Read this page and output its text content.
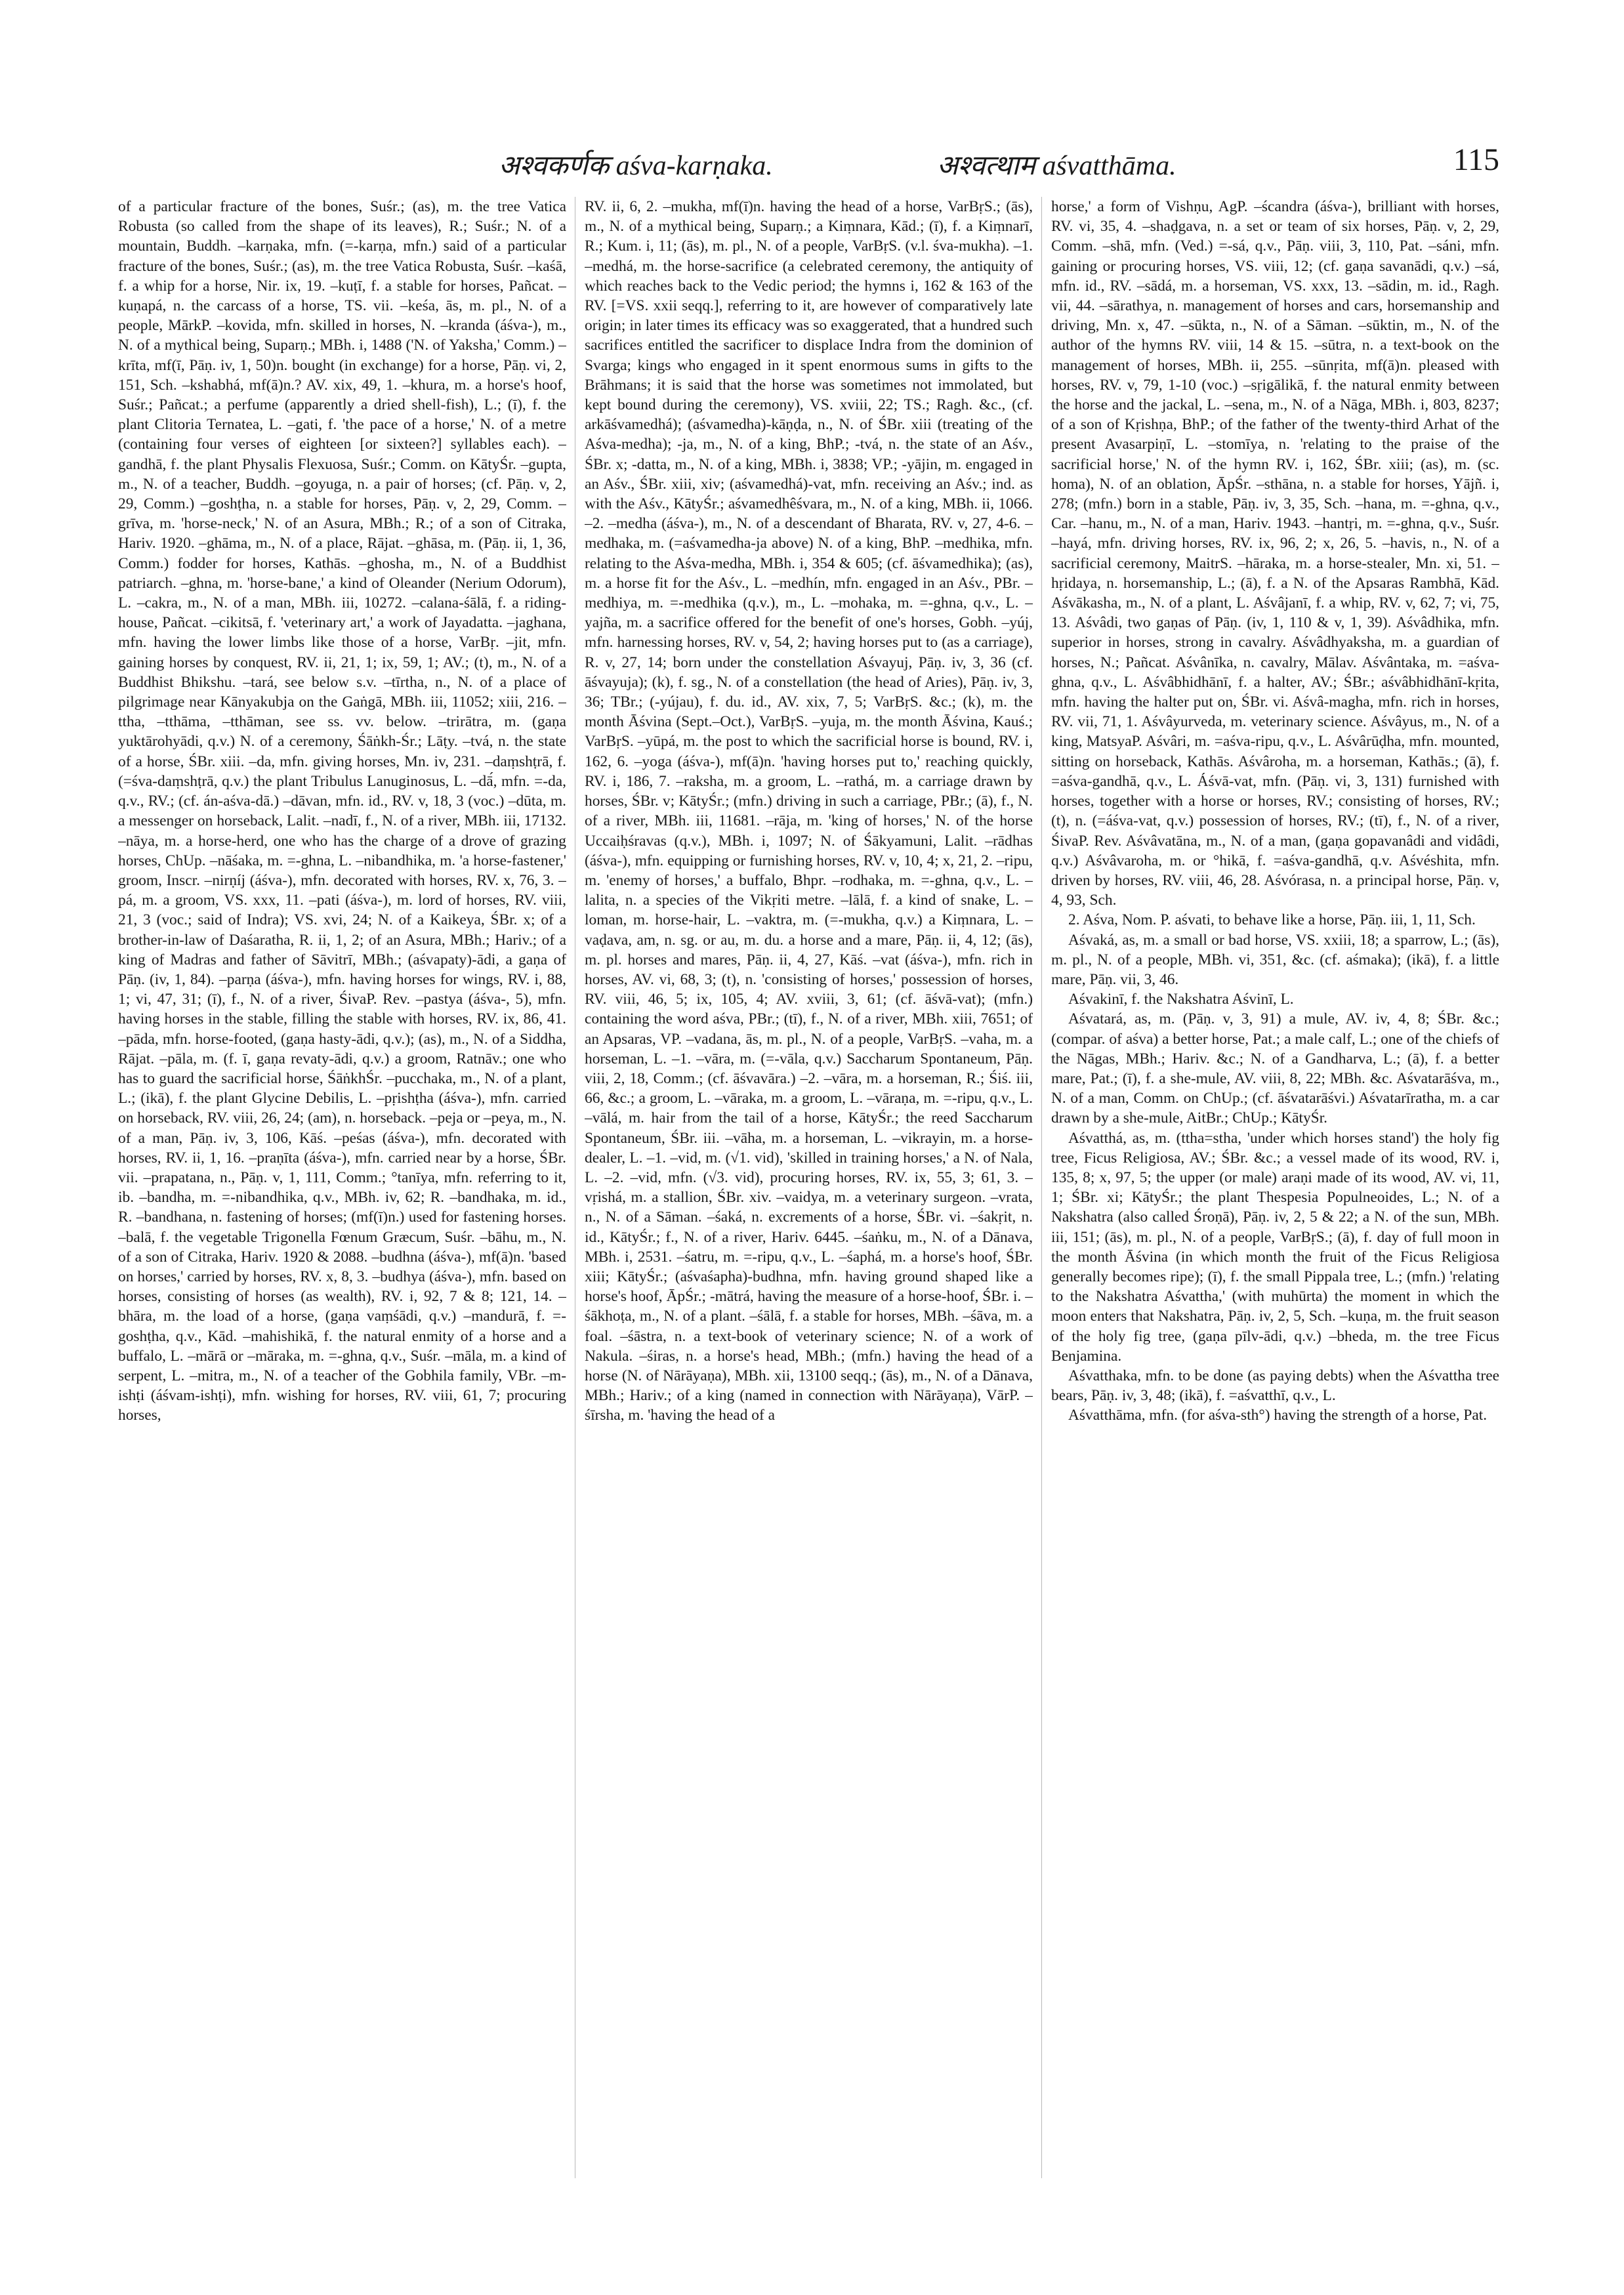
अश्वकर्णक aśva-karṇaka.	अश्वत्थाम aśvatthāma.	115

of a particular fracture of the bones, Suśr.; (as), m. the tree Vatica Robusta (so called from the shape of its leaves), R.; Suśr.; N. of a mountain, Buddh. –karṇaka, mfn. (=-karṇa, mfn.) said of a particular fracture of the bones, Suśr.; (as), m. the tree Vatica Robusta, Suśr. –kaśā, f. a whip for a horse, Nir. ix, 19. –kuṭī, f. a stable for horses, Pañcat. –kuṇapá, n. the carcass of a horse, TS. vii. –keśa, ās, m. pl., N. of a people, MārkP. –kovida, mfn. skilled in horses, N. –kranda (áśva-), m., N. of a mythical being, Suparṇ.; MBh. i, 1488 ('N. of Yaksha,' Comm.) –krīta, mf(ī, Pāṇ. iv, 1, 50)n. bought (in exchange) for a horse, Pāṇ. vi, 2, 151, Sch. –kshabhá, mf(ā)n.? AV. xix, 49, 1. –khura, m. a horse's hoof, Suśr.; Pañcat.; a perfume (apparently a dried shell-fish), L.; (ī), f. the plant Clitoria Ternatea, L. –gati, f. 'the pace of a horse,' N. of a metre (containing four verses of eighteen [or sixteen?] syllables each). –gandhā, f. the plant Physalis Flexuosa, Suśr.; Comm. on KātyŚr. –gupta, m., N. of a teacher, Buddh. –goyuga, n. a pair of horses; (cf. Pāṇ. v, 2, 29, Comm.) –goshṭha, n. a stable for horses, Pāṇ. v, 2, 29, Comm. –grīva, m. 'horse-neck,' N. of an Asura, MBh.; R.; of a son of Citraka, Hariv. 1920. –ghāma, m., N. of a place, Rājat. –ghāsa, m. (Pāṇ. ii, 1, 36, Comm.) fodder for horses, Kathās. –ghosha, m., N. of a Buddhist patriarch. –ghna, m. 'horse-bane,' a kind of Oleander (Nerium Odorum), L. –cakra, m., N. of a man, MBh. iii, 10272. –calana-śālā, f. a riding-house, Pañcat. –cikitsā, f. 'veterinary art,' a work of Jayadatta. –jaghana, mfn. having the lower limbs like those of a horse, VarBṛ. –jit, mfn. gaining horses by conquest, RV. ii, 21, 1; ix, 59, 1; AV.; (t), m., N. of a Buddhist Bhikshu. –tará, see below s.v. –tīrtha, n., N. of a place of pilgrimage near Kānyakubja on the Gaṅgā, MBh. iii, 11052; xiii, 216. –ttha, –tthāma, –tthāman, see ss. vv. below. –trirātra, m. (gaṇa yuktārohyādi, q.v.) N. of a ceremony, Śāṅkh-Śr.; Lāṭy. –tvá, n. the state of a horse, ŚBr. xiii. –da, mfn. giving horses, Mn. iv, 231. –daṃshṭrā, f. (=śva-daṃshṭrā, q.v.) the plant Tribulus Lanuginosus, L. –dā́, mfn. =-da, q.v., RV.; (cf. án-aśva-dā.) –dāvan, mfn. id., RV. v, 18, 3 (voc.) –dūta, m. a messenger on horseback, Lalit. –nadī, f., N. of a river, MBh. iii, 17132. –nāya, m. a horse-herd, one who has the charge of a drove of grazing horses, ChUp. –nāśaka, m. =-ghna, L. –nibandhika, m. 'a horse-fastener,' groom, Inscr. –nirṇíj (áśva-), mfn. decorated with horses, RV. x, 76, 3. –pá, m. a groom, VS. xxx, 11. –pati (áśva-), m. lord of horses, RV. viii, 21, 3 (voc.; said of Indra); VS. xvi, 24; N. of a Kaikeya, ŚBr. x; of a brother-in-law of Daśaratha, R. ii, 1, 2; of an Asura, MBh.; Hariv.; of a king of Madras and father of Sāvitrī, MBh.; (aśvapaty)-ādi, a gaṇa of Pāṇ. (iv, 1, 84). –parṇa (áśva-), mfn. having horses for wings, RV. i, 88, 1; vi, 47, 31; (ī), f., N. of a river, ŚivaP. Rev. –pastya (áśva-, 5), mfn. having horses in the stable, filling the stable with horses, RV. ix, 86, 41. –pāda, mfn. horse-footed, (gaṇa hasty-ādi, q.v.); (as), m., N. of a Siddha, Rājat. –pāla, m. (f. ī, gaṇa revaty-ādi, q.v.) a groom, Ratnāv.; one who has to guard the sacrificial horse, ŚāṅkhŚr. –pucchaka, m., N. of a plant, L.; (ikā), f. the plant Glycine Debilis, L. –pṛishṭha (áśva-), mfn. carried on horseback, RV. viii, 26, 24; (am), n. horseback. –peja or –peya, m., N. of a man, Pāṇ. iv, 3, 106, Kāś. –peśas (áśva-), mfn. decorated with horses, RV. ii, 1, 16. –praṇīta (áśva-), mfn. carried near by a horse, ŚBr. vii. –prapatana, n., Pāṇ. v, 1, 111, Comm.; °tanīya, mfn. referring to it, ib. –bandha, m. =-nibandhika, q.v., MBh. iv, 62; R. –bandhaka, m. id., R. –bandhana, n. fastening of horses; (mf(ī)n.) used for fastening horses. –balā, f. the vegetable Trigonella Fœnum Græcum, Suśr. –bāhu, m., N. of a son of Citraka, Hariv. 1920 & 2088. –budhna (áśva-), mf(ā)n. 'based on horses,' carried by horses, RV. x, 8, 3. –budhya (áśva-), mfn. based on horses, consisting of horses (as wealth), RV. i, 92, 7 & 8; 121, 14. –bhāra, m. the load of a horse, (gaṇa vaṃśādi, q.v.) –mandurā, f. =-goshṭha, q.v., Kād. –mahishikā, f. the natural enmity of a horse and a buffalo, L. –mārā or –māraka, m. =-ghna, q.v., Suśr. –māla, m. a kind of serpent, L. –mitra, m., N. of a teacher of the Gobhila family, VBr. –m-ishṭi (áśvam-ishṭi), mfn. wishing for horses, RV. viii, 61, 7; procuring horses,

RV. ii, 6, 2. –mukha, mf(ī)n. having the head of a horse, VarBṛS.; (ās), m., N. of a mythical being, Suparṇ.; a Kiṃnara, Kād.; (ī), f. a Kiṃnarī, R.; Kum. i, 11; (ās), m. pl., N. of a people, VarBṛS. (v.l. śva-mukha). –1. –medhá, m. the horse-sacrifice (a celebrated ceremony, the antiquity of which reaches back to the Vedic period; the hymns i, 162 & 163 of the RV. [=VS. xxii seqq.], referring to it, are however of comparatively late origin; in later times its efficacy was so exaggerated, that a hundred such sacrifices entitled the sacrificer to displace Indra from the dominion of Svarga; kings who engaged in it spent enormous sums in gifts to the Brāhmans; it is said that the horse was sometimes not immolated, but kept bound during the ceremony), VS. xviii, 22; TS.; Ragh. &c., (cf. arkāśvamedhá); (aśvamedha)-kāṇḍa, n., N. of ŚBr. xiii (treating of the Aśva-medha); -ja, m., N. of a king, BhP.; -tvá, n. the state of an Aśv., ŚBr. x; -datta, m., N. of a king, MBh. i, 3838; VP.; -yājin, m. engaged in an Aśv., ŚBr. xiii, xiv; (aśvamedhá)-vat, mfn. receiving an Aśv.; ind. as with the Aśv., KātyŚr.; aśvamedhêśvara, m., N. of a king, MBh. ii, 1066. –2. –medha (áśva-), m., N. of a descendant of Bharata, RV. v, 27, 4-6. –medhaka, m. (=aśvamedha-ja above) N. of a king, BhP. –medhika, mfn. relating to the Aśva-medha, MBh. i, 354 & 605; (cf. āśvamedhika); (as), m. a horse fit for the Aśv., L. –medhín, mfn. engaged in an Aśv., PBr. –medhiya, m. =-medhika (q.v.), m., L. –mohaka, m. =-ghna, q.v., L. –yajña, m. a sacrifice offered for the benefit of one's horses, Gobh. –yúj, mfn. harnessing horses, RV. v, 54, 2; having horses put to (as a carriage), R. v, 27, 14; born under the constellation Aśvayuj, Pāṇ. iv, 3, 36 (cf. āśvayuja); (k), f. sg., N. of a constellation (the head of Aries), Pāṇ. iv, 3, 36; TBr.; (-yújau), f. du. id., AV. xix, 7, 5; VarBṛS. &c.; (k), m. the month Āśvina (Sept.–Oct.), VarBṛS. –yuja, m. the month Āśvina, Kauś.; VarBṛS. –yūpá, m. the post to which the sacrificial horse is bound, RV. i, 162, 6. –yoga (áśva-), mf(ā)n. 'having horses put to,' reaching quickly, RV. i, 186, 7. –raksha, m. a groom, L. –rathá, m. a carriage drawn by horses, ŚBr. v; KātyŚr.; (mfn.) driving in such a carriage, PBr.; (ā), f., N. of a river, MBh. iii, 11681. –rāja, m. 'king of horses,' N. of the horse Uccaiḥśravas (q.v.), MBh. i, 1097; N. of Śākyamuni, Lalit. –rādhas (áśva-), mfn. equipping or furnishing horses, RV. v, 10, 4; x, 21, 2. –ripu, m. 'enemy of horses,' a buffalo, Bhpr. –rodhaka, m. =-ghna, q.v., L. –lalita, n. a species of the Vikṛiti metre. –lālā, f. a kind of snake, L. –loman, m. horse-hair, L. –vaktra, m. (=-mukha, q.v.) a Kiṃnara, L. –vaḍava, am, n. sg. or au, m. du. a horse and a mare, Pāṇ. ii, 4, 12; (ās), m. pl. horses and mares, Pāṇ. ii, 4, 27, Kāś. –vat (áśva-), mfn. rich in horses, AV. vi, 68, 3; (t), n. 'consisting of horses,' possession of horses, RV. viii, 46, 5; ix, 105, 4; AV. xviii, 3, 61; (cf. āśvā-vat); (mfn.) containing the word aśva, PBr.; (tī), f., N. of a river, MBh. xiii, 7651; of an Apsaras, VP. –vadana, ās, m. pl., N. of a people, VarBṛS. –vaha, m. a horseman, L. –1. –vāra, m. (=-vāla, q.v.) Saccharum Spontaneum, Pāṇ. viii, 2, 18, Comm.; (cf. āśvavāra.) –2. –vāra, m. a horseman, R.; Śiś. iii, 66, &c.; a groom, L. –vāraka, m. a groom, L. –vāraṇa, m. =-ripu, q.v., L. –vālá, m. hair from the tail of a horse, KātyŚr.; the reed Saccharum Spontaneum, ŚBr. iii. –vāha, m. a horseman, L. –vikrayin, m. a horse-dealer, L. –1. –vid, m. (√1. vid), 'skilled in training horses,' a N. of Nala, L. –2. –vid, mfn. (√3. vid), procuring horses, RV. ix, 55, 3; 61, 3. –vṛishá, m. a stallion, ŚBr. xiv. –vaidya, m. a veterinary surgeon. –vrata, n., N. of a Sāman. –śaká, n. excrements of a horse, ŚBr. vi. –śakṛit, n. id., KātyŚr.; f., N. of a river, Hariv. 6445. –śaṅku, m., N. of a Dānava, MBh. i, 2531. –śatru, m. =-ripu, q.v., L. –śaphá, m. a horse's hoof, ŚBr. xiii; KātyŚr.; (aśvaśapha)-budhna, mfn. having ground shaped like a horse's hoof, ĀpŚr.; -mātrá, having the measure of a horse-hoof, ŚBr. i. –śākhoṭa, m., N. of a plant. –śālā, f. a stable for horses, MBh. –śāva, m. a foal. –śāstra, n. a text-book of veterinary science; N. of a work of Nakula. –śiras, n. a horse's head, MBh.; (mfn.) having the head of a horse (N. of Nārāyaṇa), MBh. xii, 13100 seqq.; (ās), m., N. of a Dānava, MBh.; Hariv.; of a king (named in connection with Nārāyaṇa), VārP. –śīrsha, m. 'having the head of a

horse,' a form of Vishṇu, AgP. –ścandra (áśva-), brilliant with horses, RV. vi, 35, 4. –shaḍgava, n. a set or team of six horses, Pāṇ. v, 2, 29, Comm. –shā, mfn. (Ved.) =-sá, q.v., Pāṇ. viii, 3, 110, Pat. –sáni, mfn. gaining or procuring horses, VS. viii, 12; (cf. gaṇa savanādi, q.v.) –sá, mfn. id., RV. –sādá, m. a horseman, VS. xxx, 13. –sādin, m. id., Ragh. vii, 44. –sārathya, n. management of horses and cars, horsemanship and driving, Mn. x, 47. –sūkta, n., N. of a Sāman. –sūktin, m., N. of the author of the hymns RV. viii, 14 & 15. –sūtra, n. a text-book on the management of horses, MBh. ii, 255. –sūnṛita, mf(ā)n. pleased with horses, RV. v, 79, 1-10 (voc.) –sṛigālikā, f. the natural enmity between the horse and the jackal, L. –sena, m., N. of a Nāga, MBh. i, 803, 8237; of a son of Kṛishṇa, BhP.; of the father of the twenty-third Arhat of the present Avasarpiṇī, L. –stomīya, n. 'relating to the praise of the sacrificial horse,' N. of the hymn RV. i, 162, ŚBr. xiii; (as), m. (sc. homa), N. of an oblation, ĀpŚr. –sthāna, n. a stable for horses, Yājñ. i, 278; (mfn.) born in a stable, Pāṇ. iv, 3, 35, Sch. –hana, m. =-ghna, q.v., Car. –hanu, m., N. of a man, Hariv. 1943. –hantṛi, m. =-ghna, q.v., Suśr. –hayá, mfn. driving horses, RV. ix, 96, 2; x, 26, 5. –havis, n., N. of a sacrificial ceremony, MaitrS. –hāraka, m. a horse-stealer, Mn. xi, 51. –hṛidaya, n. horsemanship, L.; (ā), f. a N. of the Apsaras Rambhā, Kād. Aśvākasha, m., N. of a plant, L. Aśvâjanī, f. a whip, RV. v, 62, 7; vi, 75, 13. Aśvâdi, two gaṇas of Pāṇ. (iv, 1, 110 & v, 1, 39). Aśvâdhika, mfn. superior in horses, strong in cavalry. Aśvâdhyaksha, m. a guardian of horses, N.; Pañcat. Aśvânīka, n. cavalry, Mālav. Aśvântaka, m. =aśva-ghna, q.v., L. Aśvâbhidhānī, f. a halter, AV.; ŚBr.; aśvâbhidhānī-kṛita, mfn. having the halter put on, ŚBr. vi. Aśvâ-magha, mfn. rich in horses, RV. vii, 71, 1. Aśvâyurveda, m. veterinary science. Aśvâyus, m., N. of a king, MatsyaP. Aśvâri, m. =aśva-ripu, q.v., L. Aśvârūḍha, mfn. mounted, sitting on horseback, Kathās. Aśvâroha, m. a horseman, Kathās.; (ā), f. =aśva-gandhā, q.v., L. Áśvā-vat, mfn. (Pāṇ. vi, 3, 131) furnished with horses, together with a horse or horses, RV.; consisting of horses, RV.; (t), n. (=áśva-vat, q.v.) possession of horses, RV.; (tī), f., N. of a river, ŚivaP. Rev. Aśvâvatāna, m., N. of a man, (gaṇa gopavanâdi and vidâdi, q.v.) Aśvâvaroha, m. or °hikā, f. =aśva-gandhā, q.v. Aśvéshita, mfn. driven by horses, RV. viii, 46, 28. Aśvórasa, n. a principal horse, Pāṇ. v, 4, 93, Sch.

2. Aśva, Nom. P. aśvati, to behave like a horse, Pāṇ. iii, 1, 11, Sch.

Aśvaká, as, m. a small or bad horse, VS. xxiii, 18; a sparrow, L.; (ās), m. pl., N. of a people, MBh. vi, 351, &c. (cf. aśmaka); (ikā), f. a little mare, Pāṇ. vii, 3, 46.

Aśvakinī, f. the Nakshatra Aśvinī, L.

Aśvatará, as, m. (Pāṇ. v, 3, 91) a mule, AV. iv, 4, 8; ŚBr. &c.; (compar. of aśva) a better horse, Pat.; a male calf, L.; one of the chiefs of the Nāgas, MBh.; Hariv. &c.; N. of a Gandharva, L.; (ā), f. a better mare, Pat.; (ī), f. a she-mule, AV. viii, 8, 22; MBh. &c. Aśvatarāśva, m., N. of a man, Comm. on ChUp.; (cf. āśvatarāśvi.) Aśvatarīratha, m. a car drawn by a she-mule, AitBr.; ChUp.; KātyŚr.

Aśvatthá, as, m. (ttha=stha, 'under which horses stand') the holy fig tree, Ficus Religiosa, AV.; ŚBr. &c.; a vessel made of its wood, RV. i, 135, 8; x, 97, 5; the upper (or male) araṇi made of its wood, AV. vi, 11, 1; ŚBr. xi; KātyŚr.; the plant Thespesia Populneoides, L.; N. of a Nakshatra (also called Śroṇā), Pāṇ. iv, 2, 5 & 22; a N. of the sun, MBh. iii, 151; (ās), m. pl., N. of a people, VarBṛS.; (ā), f. day of full moon in the month Āśvina (in which month the fruit of the Ficus Religiosa generally becomes ripe); (ī), f. the small Pippala tree, L.; (mfn.) 'relating to the Nakshatra Aśvattha,' (with muhūrta) the moment in which the moon enters that Nakshatra, Pāṇ. iv, 2, 5, Sch. –kuṇa, m. the fruit season of the holy fig tree, (gaṇa pīlv-ādi, q.v.) –bheda, m. the tree Ficus Benjamina.

Aśvatthaka, mfn. to be done (as paying debts) when the Aśvattha tree bears, Pāṇ. iv, 3, 48; (ikā), f. =aśvatthī, q.v., L.

Aśvatthāma, mfn. (for aśva-sth°) having the strength of a horse, Pat.
